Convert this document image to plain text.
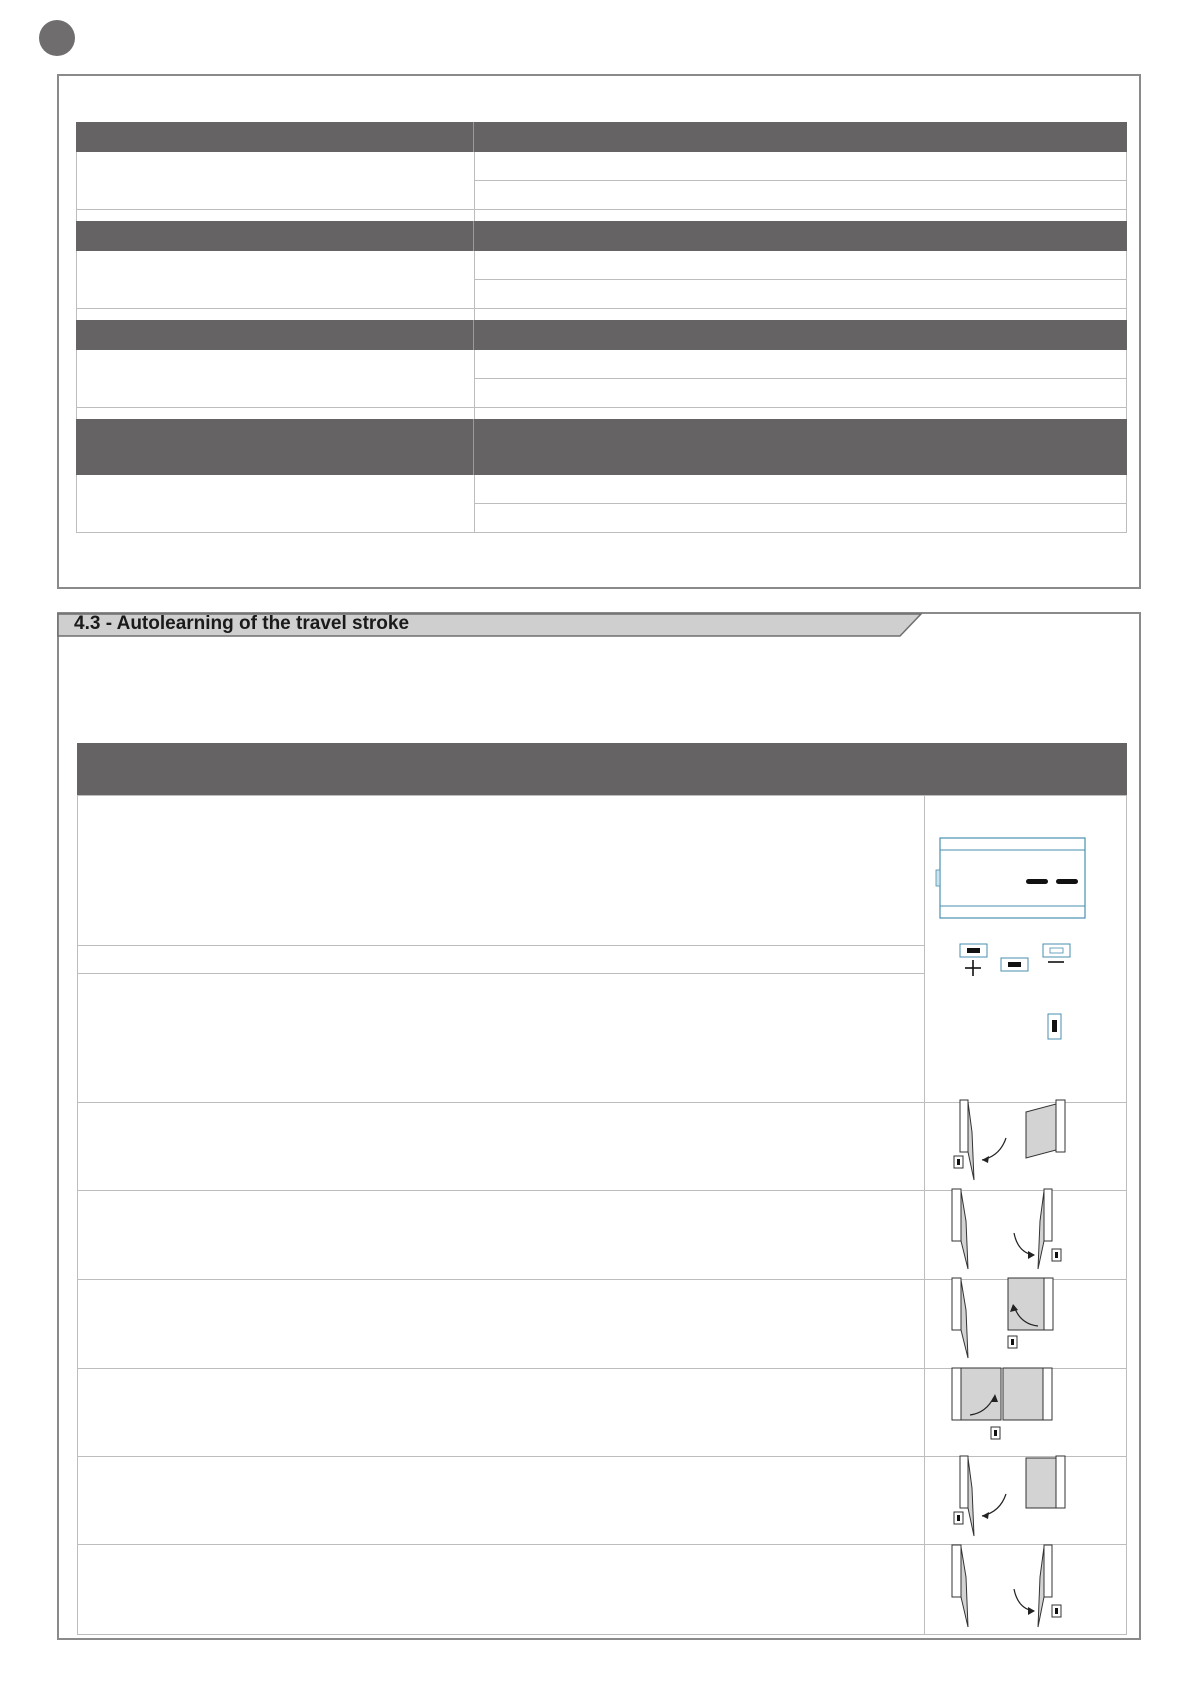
4.3 - Autolearning of the travel stroke
